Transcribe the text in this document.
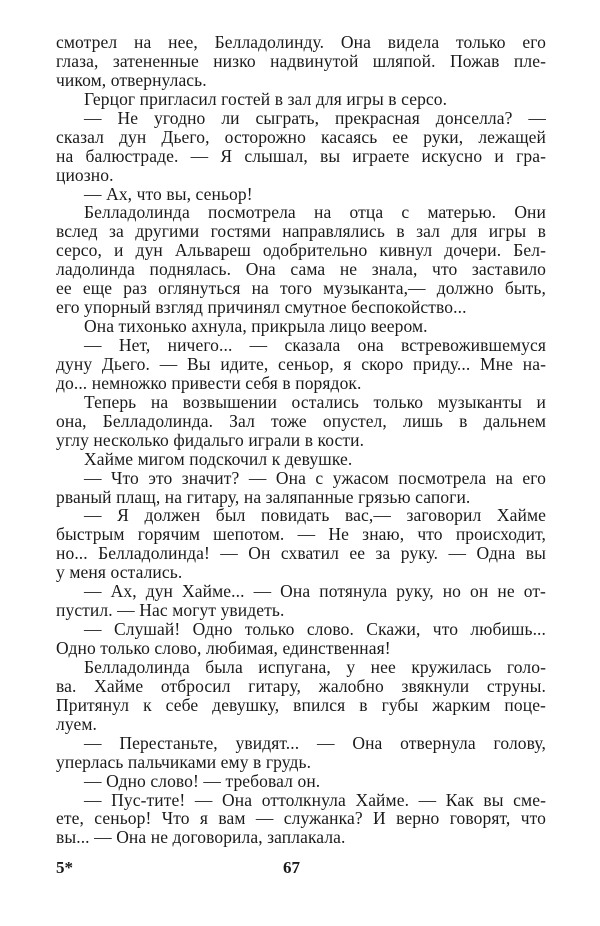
смотрел на нее, Белладолинду. Она видела только его
глаза, затененные низко надвинутой шляпой. Пожав пле-
чиком, отвернулась.
Герцог пригласил гостей в зал для игры в серсо.
— Не угодно ли сыграть, прекрасная донселла? —
сказал дун Дьего, осторожно касаясь ее руки, лежащей
на балюстраде. — Я слышал, вы играете искусно и гра-
циозно.
— Ах, что вы, сеньор!
Белладолинда посмотрела на отца с матерью. Они
вслед за другими гостями направлялись в зал для игры в
серсо, и дун Альвареш одобрительно кивнул дочери. Бел-
ладолинда поднялась. Она сама не знала, что заставило
ее еще раз оглянуться на того музыканта,— должно быть,
его упорный взгляд причинял смутное беспокойство...
Она тихонько ахнула, прикрыла лицо веером.
— Нет, ничего... — сказала она встревожившемуся
дуну Дьего. — Вы идите, сеньор, я скоро приду... Мне на-
до... немножко привести себя в порядок.
Теперь на возвышении остались только музыканты и
она, Белладолинда. Зал тоже опустел, лишь в дальнем
углу несколько фидальго играли в кости.
Хайме мигом подскочил к девушке.
— Что это значит? — Она с ужасом посмотрела на его
рваный плащ, на гитару, на заляпанные грязью сапоги.
— Я должен был повидать вас,— заговорил Хайме
быстрым горячим шепотом. — Не знаю, что происходит,
но... Белладолинда! — Он схватил ее за руку. — Одна вы
у меня остались.
— Ах, дун Хайме... — Она потянула руку, но он не от-
пустил. — Нас могут увидеть.
— Слушай! Одно только слово. Скажи, что любишь...
Одно только слово, любимая, единственная!
Белладолинда была испугана, у нее кружилась голо-
ва. Хайме отбросил гитару, жалобно звякнули струны.
Притянул к себе девушку, впился в губы жарким поце-
луем.
— Перестаньте, увидят... — Она отвернула голову,
уперлась пальчиками ему в грудь.
— Одно слово! — требовал он.
— Пус-тите! — Она оттолкнула Хайме. — Как вы сме-
ете, сеньор! Что я вам — служанка? И верно говорят, что
вы... — Она не договорила, заплакала.
5*	67
